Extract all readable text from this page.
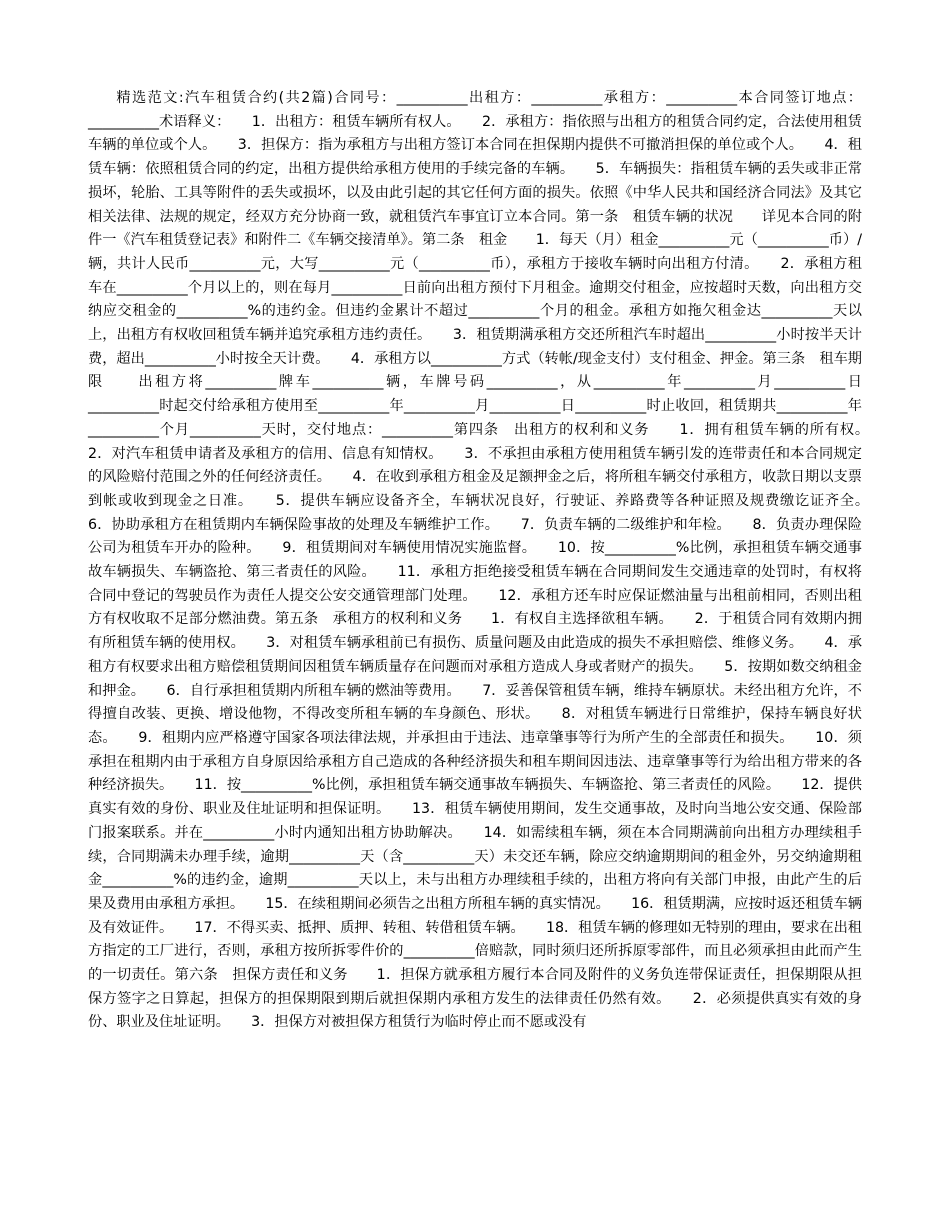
精选范文:汽车租赁合约(共2篇)合同号：__________出租方：__________承租方：__________本合同签订地点：__________术语释义：　　1．出租方：租赁车辆所有权人。　　2．承租方：指依照与出租方的租赁合同约定，合法使用租赁车辆的单位或个人。　　3．担保方：指为承租方与出租方签订本合同在担保期内提供不可撤消担保的单位或个人。　　4．租赁车辆：依照租赁合同的约定，出租方提供给承租方使用的手续完备的车辆。　　5．车辆损失：指租赁车辆的丢失或非正常损坏，轮胎、工具等附件的丢失或损坏，以及由此引起的其它任何方面的损失。依照《中华人民共和国经济合同法》及其它相关法律、法规的规定，经双方充分协商一致，就租赁汽车事宜订立本合同。第一条　租赁车辆的状况　　详见本合同的附件一《汽车租赁登记表》和附件二《车辆交接清单》。第二条　租金　　1．每天（月）租金__________元（__________币）/辆，共计人民币__________元，大写__________元（__________币），承租方于接收车辆时向出租方付清。　　2．承租方租车在__________个月以上的，则在每月__________日前向出租方预付下月租金。逾期交付租金，应按超时天数，向出租方交纳应交租金的__________%的违约金。但违约金累计不超过__________个月的租金。承租方如拖欠租金达__________天以上，出租方有权收回租赁车辆并追究承租方违约责任。　　3．租赁期满承租方交还所租汽车时超出__________小时按半天计费，超出__________小时按全天计费。　　4．承租方以__________方式（转帐/现金支付）支付租金、押金。第三条　租车期限　　出租方将__________牌车__________辆，车牌号码__________，从__________年__________月__________日__________时起交付给承租方使用至__________年__________月__________日__________时止收回，租赁期共__________年__________个月__________天时，交付地点：__________第四条　出租方的权利和义务　　1．拥有租赁车辆的所有权。　　2．对汽车租赁申请者及承租方的信用、信息有知情权。　　3．不承担由承租方使用租赁车辆引发的连带责任和本合同规定的风险赔付范围之外的任何经济责任。　　4．在收到承租方租金及足额押金之后，将所租车辆交付承租方，收款日期以支票到帐或收到现金之日准。　　5．提供车辆应设备齐全，车辆状况良好，行驶证、养路费等各种证照及规费缴讫证齐全。　　6．协助承租方在租赁期内车辆保险事故的处理及车辆维护工作。　　7．负责车辆的二级维护和年检。　　8．负责办理保险公司为租赁车开办的险种。　　9．租赁期间对车辆使用情况实施监督。　　10．按__________%比例，承担租赁车辆交通事故车辆损失、车辆盗抢、第三者责任的风险。　　11．承租方拒绝接受租赁车辆在合同期间发生交通违章的处罚时，有权将合同中登记的驾驶员作为责任人提交公安交通管理部门处理。　　12．承租方还车时应保证燃油量与出租前相同，否则出租方有权收取不足部分燃油费。第五条　承租方的权利和义务　　1．有权自主选择欲租车辆。　　2．于租赁合同有效期内拥有所租赁车辆的使用权。　　3．对租赁车辆承租前已有损伤、质量问题及由此造成的损失不承担赔偿、维修义务。　　4．承租方有权要求出租方赔偿租赁期间因租赁车辆质量存在问题而对承租方造成人身或者财产的损失。　　5．按期如数交纳租金和押金。　　6．自行承担租赁期内所租车辆的燃油等费用。　　7．妥善保管租赁车辆，维持车辆原状。未经出租方允许，不得擅自改装、更换、增设他物，不得改变所租车辆的车身颜色、形状。　　8．对租赁车辆进行日常维护，保持车辆良好状态。　　9．租期内应严格遵守国家各项法律法规，并承担由于违法、违章肇事等行为所产生的全部责任和损失。　　10．须承担在租期内由于承租方自身原因给承租方自己造成的各种经济损失和租车期间因违法、违章肇事等行为给出租方带来的各种经济损失。　　11．按__________%比例，承担租赁车辆交通事故车辆损失、车辆盗抢、第三者责任的风险。　　12．提供真实有效的身份、职业及住址证明和担保证明。　　13．租赁车辆使用期间，发生交通事故，及时向当地公安交通、保险部门报案联系。并在__________小时内通知出租方协助解决。　　14．如需续租车辆，须在本合同期满前向出租方办理续租手续，合同期满未办理手续，逾期__________天（含__________天）未交还车辆，除应交纳逾期期间的租金外，另交纳逾期租金__________%的违约金，逾期__________天以上，未与出租方办理续租手续的，出租方将向有关部门申报，由此产生的后果及费用由承租方承担。　　15．在续租期间必须告之出租方所租车辆的真实情况。　　16．租赁期满，应按时返还租赁车辆及有效证件。　　17．不得买卖、抵押、质押、转租、转借租赁车辆。　　18．租赁车辆的修理如无特别的理由，要求在出租方指定的工厂进行，否则，承租方按所拆零件价的__________倍赔款，同时须归还所拆原零部件，而且必须承担由此而产生的一切责任。第六条　担保方责任和义务　　1．担保方就承租方履行本合同及附件的义务负连带保证责任，担保期限从担保方签字之日算起，担保方的担保期限到期后就担保期内承租方发生的法律责任仍然有效。　　2．必须提供真实有效的身份、职业及住址证明。　　3．担保方对被担保方租赁行为临时停止而不愿或没有
